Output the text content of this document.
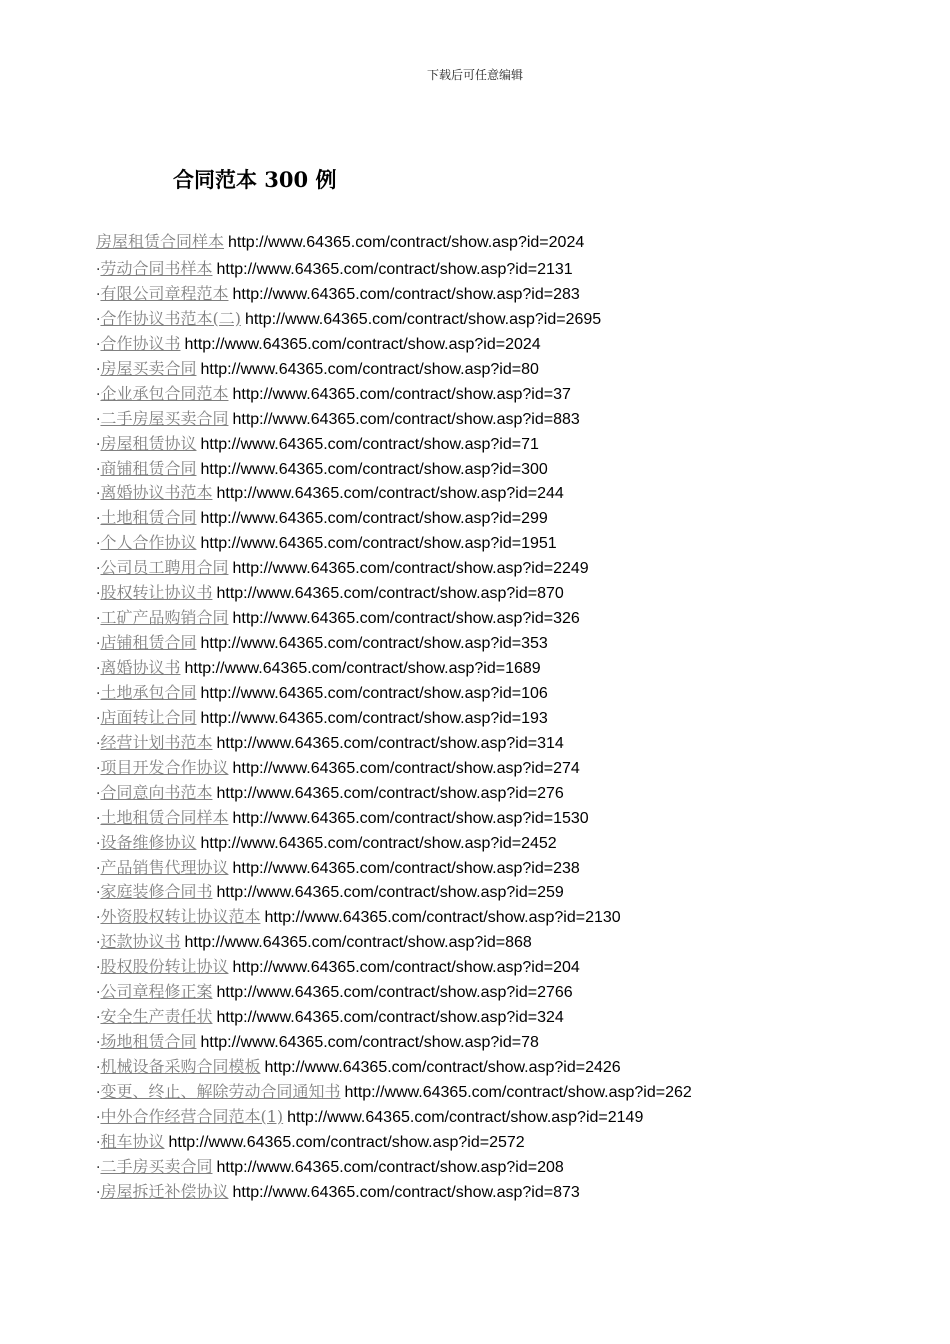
下载后可任意编辑
合同范本 300 例
房屋租赁合同样本 http://www.64365.com/contract/show.asp?id=2024
·劳动合同书样本 http://www.64365.com/contract/show.asp?id=2131
·有限公司章程范本 http://www.64365.com/contract/show.asp?id=283
·合作协议书范本(二) http://www.64365.com/contract/show.asp?id=2695
·合作协议书 http://www.64365.com/contract/show.asp?id=2024
·房屋买卖合同 http://www.64365.com/contract/show.asp?id=80
·企业承包合同范本 http://www.64365.com/contract/show.asp?id=37
·二手房屋买卖合同 http://www.64365.com/contract/show.asp?id=883
·房屋租赁协议 http://www.64365.com/contract/show.asp?id=71
·商铺租赁合同 http://www.64365.com/contract/show.asp?id=300
·离婚协议书范本 http://www.64365.com/contract/show.asp?id=244
·土地租赁合同 http://www.64365.com/contract/show.asp?id=299
·个人合作协议 http://www.64365.com/contract/show.asp?id=1951
·公司员工聘用合同 http://www.64365.com/contract/show.asp?id=2249
·股权转让协议书 http://www.64365.com/contract/show.asp?id=870
·工矿产品购销合同 http://www.64365.com/contract/show.asp?id=326
·店铺租赁合同 http://www.64365.com/contract/show.asp?id=353
·离婚协议书 http://www.64365.com/contract/show.asp?id=1689
·土地承包合同 http://www.64365.com/contract/show.asp?id=106
·店面转让合同 http://www.64365.com/contract/show.asp?id=193
·经营计划书范本 http://www.64365.com/contract/show.asp?id=314
·项目开发合作协议 http://www.64365.com/contract/show.asp?id=274
·合同意向书范本 http://www.64365.com/contract/show.asp?id=276
·土地租赁合同样本 http://www.64365.com/contract/show.asp?id=1530
·设备维修协议 http://www.64365.com/contract/show.asp?id=2452
·产品销售代理协议 http://www.64365.com/contract/show.asp?id=238
·家庭装修合同书 http://www.64365.com/contract/show.asp?id=259
·外资股权转让协议范本 http://www.64365.com/contract/show.asp?id=2130
·还款协议书 http://www.64365.com/contract/show.asp?id=868
·股权股份转让协议 http://www.64365.com/contract/show.asp?id=204
·公司章程修正案 http://www.64365.com/contract/show.asp?id=2766
·安全生产责任状 http://www.64365.com/contract/show.asp?id=324
·场地租赁合同 http://www.64365.com/contract/show.asp?id=78
·机械设备采购合同模板 http://www.64365.com/contract/show.asp?id=2426
·变更、终止、解除劳动合同通知书 http://www.64365.com/contract/show.asp?id=262
·中外合作经营合同范本(1) http://www.64365.com/contract/show.asp?id=2149
·租车协议 http://www.64365.com/contract/show.asp?id=2572
·二手房买卖合同 http://www.64365.com/contract/show.asp?id=208
·房屋拆迁补偿协议 http://www.64365.com/contract/show.asp?id=873
